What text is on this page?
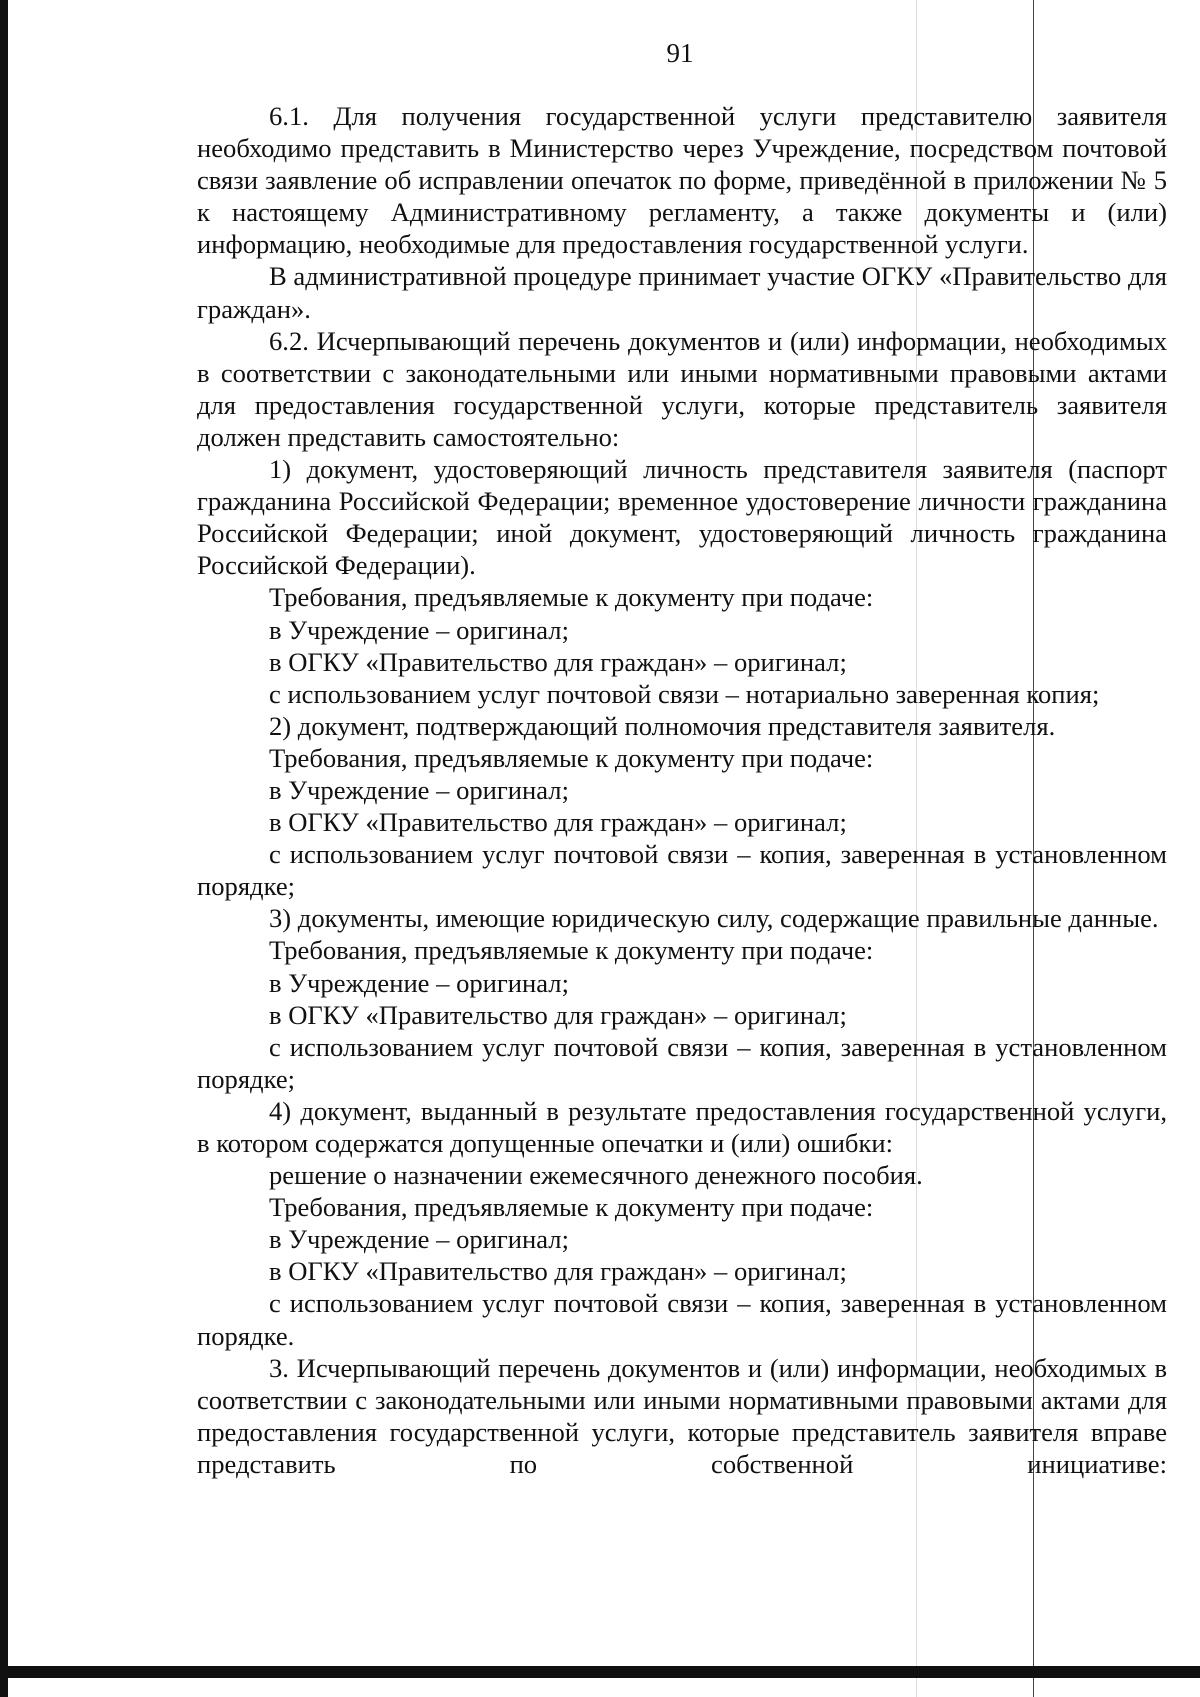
91

6.1. Для получения государственной услуги представителю заявителя необходимо представить в Министерство через Учреждение, посредством почтовой связи заявление об исправлении опечаток по форме, приведённой в приложении № 5 к настоящему Административному регламенту, а также документы и (или) информацию, необходимые для предоставления государственной услуги.

В административной процедуре принимает участие ОГКУ «Правительство для граждан».

6.2. Исчерпывающий перечень документов и (или) информации, необходимых в соответствии с законодательными или иными нормативными правовыми актами для предоставления государственной услуги, которые представитель заявителя должен представить самостоятельно:

1) документ, удостоверяющий личность представителя заявителя (паспорт гражданина Российской Федерации; временное удостоверение личности гражданина Российской Федерации; иной документ, удостоверяющий личность гражданина Российской Федерации).

Требования, предъявляемые к документу при подаче:

в Учреждение – оригинал;

в ОГКУ «Правительство для граждан» – оригинал;

с использованием услуг почтовой связи – нотариально заверенная копия;

2) документ, подтверждающий полномочия представителя заявителя.

Требования, предъявляемые к документу при подаче:

в Учреждение – оригинал;

в ОГКУ «Правительство для граждан» – оригинал;

с использованием услуг почтовой связи – копия, заверенная в установленном порядке;

3) документы, имеющие юридическую силу, содержащие правильные данные.

Требования, предъявляемые к документу при подаче:

в Учреждение – оригинал;

в ОГКУ «Правительство для граждан» – оригинал;

с использованием услуг почтовой связи – копия, заверенная в установленном порядке;

4) документ, выданный в результате предоставления государственной услуги, в котором содержатся допущенные опечатки и (или) ошибки:

решение о назначении ежемесячного денежного пособия.

Требования, предъявляемые к документу при подаче:

в Учреждение – оригинал;

в ОГКУ «Правительство для граждан» – оригинал;

с использованием услуг почтовой связи – копия, заверенная в установленном порядке.

3. Исчерпывающий перечень документов и (или) информации, необходимых в соответствии с законодательными или иными нормативными правовыми актами для предоставления государственной услуги, которые представитель заявителя вправе представить по собственной инициативе:
